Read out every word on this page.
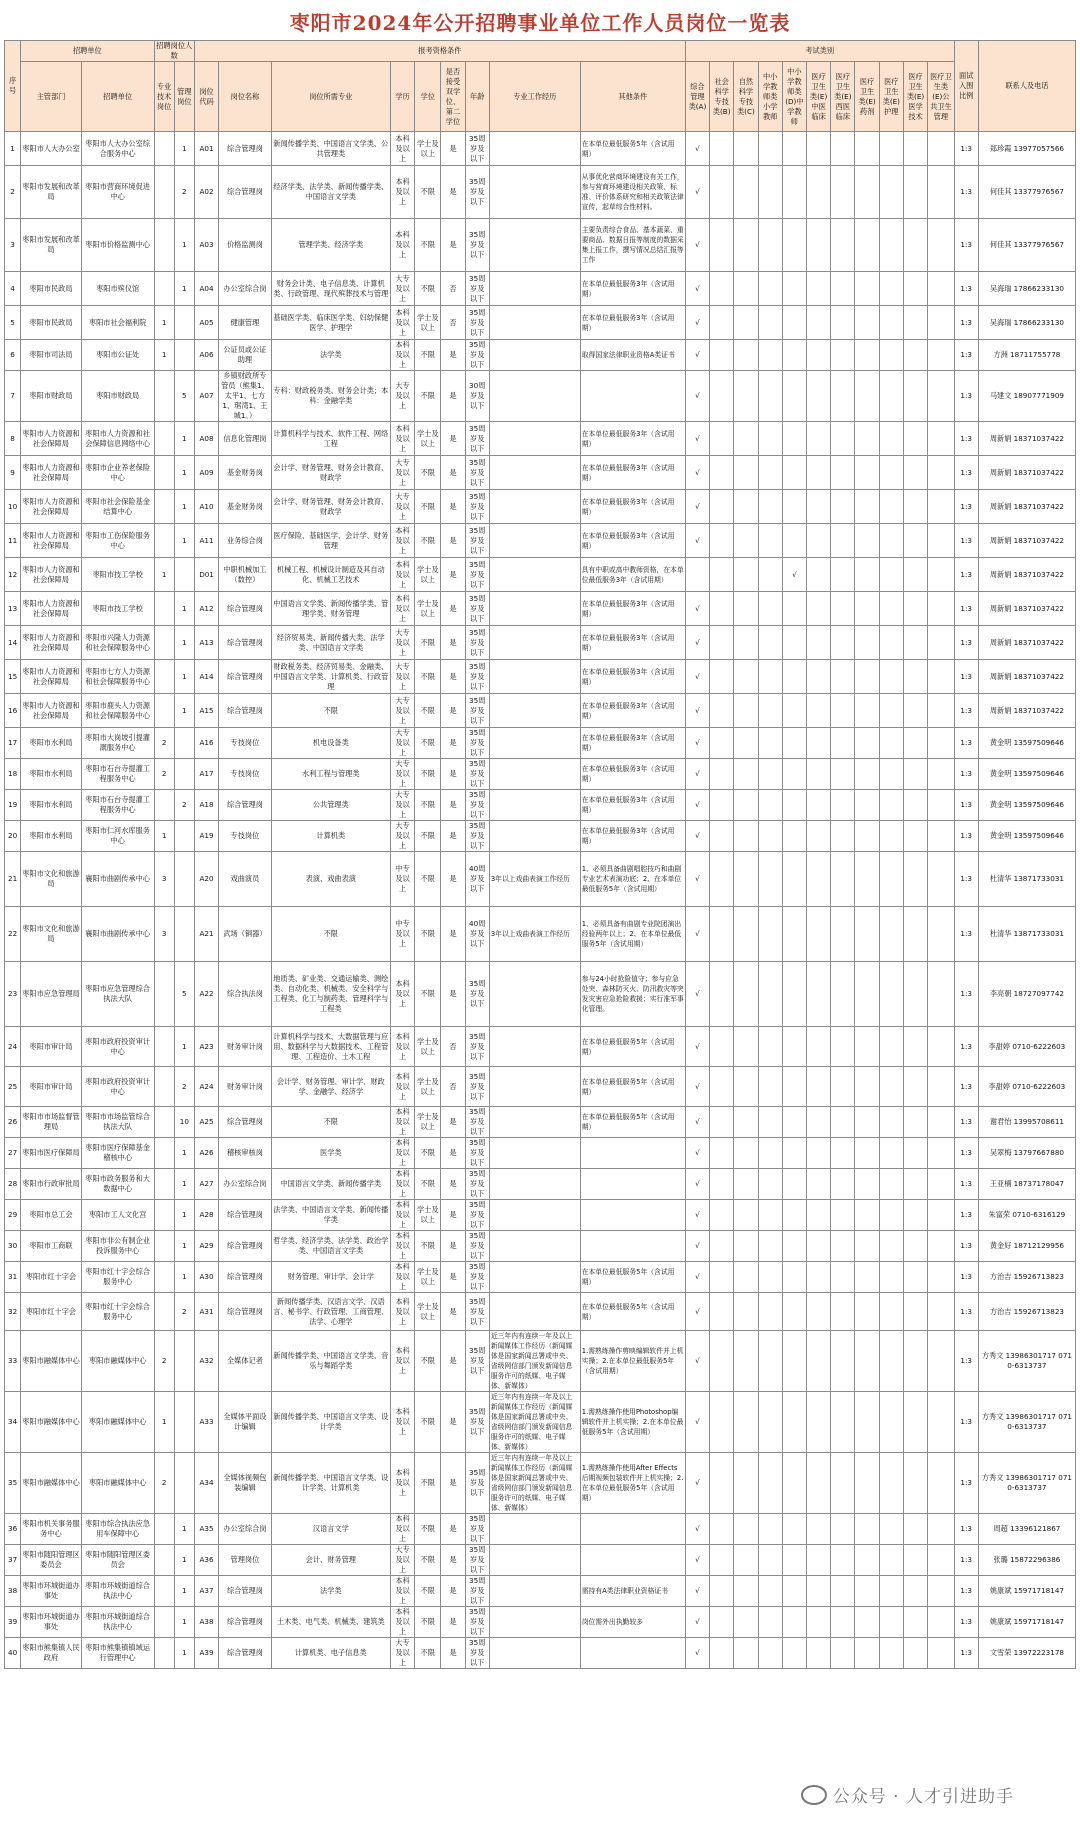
枣阳市2024年公开招聘事业单位工作人员岗位一览表
序号	招聘单位		招聘岗位人数		报考资格条件									考试类别											面试入围比例	联系人及电话
	主管部门	招聘单位	专业技术岗位	管理岗位	岗位代码	岗位名称	岗位所需专业	学历	学位	是否接受双学位、第二学位	年龄	专业工作经历	其他条件	综合管理类(A)	社会科学专技类(B)	自然科学专技类(C)	中小学教师类小学教师	中小学教师类(D)中学教师	医疗卫生类(E)中医临床	医疗卫生类(E)西医临床	医疗卫生类(E)药剂	医疗卫生类(E)护理	医疗卫生类(E)医学技术	医疗卫生类(E)公共卫生管理		
1	枣阳市人大办公室	枣阳市人大办公室综合服务中心		1	A01	综合管理岗	新闻传播学类、中国语言文学类、公共管理类	本科及以上	学士及以上	是	35周岁及以下		在本单位最低服务5年（含试用期）	√											1:3	郑珍霞 13977057566
2	枣阳市发展和改革局	枣阳市营商环境促进中心		2	A02	综合管理岗	经济学类、法学类、新闻传播学类、中国语言文学类	本科及以上	不限	是	35周岁及以下		从事优化营商环境建设有关工作，参与营商环境建设相关政策、标准、评价体系研究和相关政策法律宣传，起草综合性材料。	√											1:3	何佳其 13377976567
3	枣阳市发展和改革局	枣阳市价格监测中心		1	A03	价格监测岗	管理学类、经济学类	本科及以上	不限	是	35周岁及以下		主要负责综合食品、基本蔬菜、重要商品、数据日报等制度的数据采集上报工作，撰写情况总结汇报等工作	√											1:3	何佳其 13377976567
4	枣阳市民政局	枣阳市殡仪馆		1	A04	办公室综合岗	财务会计类、电子信息类、计算机类、行政管理、现代殡葬技术与管理	大专及以上	不限	否	35周岁及以下		在本单位最低服务3年（含试用期）	√											1:3	吴海瑞 17866233130
5	枣阳市民政局	枣阳市社会福利院	1		A05	健康管理	基础医学类、临床医学类、妇幼保健医学、护理学	本科及以上	学士及以上	否	35周岁及以下		在本单位最低服务3年（含试用期）	√											1:3	吴海瑞 17866233130
6	枣阳市司法局	枣阳市公证处	1		A06	公证员或公证助理	法学类	本科及以上	不限	是	35周岁及以下		取得国家法律职业资格A类证书	√											1:3	方洲 18711755778
7	枣阳市财政局	枣阳市财政局		5	A07	乡镇财政所专管员（熊集1、太平1、七方1、琚湾1、王城1。）	专科：财政税务类、财务会计类；本科：金融学类	大专及以上	不限	是	30周岁及以下			√											1:3	马建文 18907771909
8	枣阳市人力资源和社会保障局	枣阳市人力资源和社会保障信息网络中心		1	A08	信息化管理岗	计算机科学与技术、软件工程、网络工程	本科及以上	学士及以上	是	35周岁及以下		在本单位最低服务3年（含试用期）	√											1:3	周新娟 18371037422
9	枣阳市人力资源和社会保障局	枣阳市企业养老保险中心		1	A09	基金财务岗	会计学、财务管理、财务会计教育、财政学	大专及以上	不限	是	35周岁及以下		在本单位最低服务3年（含试用期）	√											1:3	周新娟 18371037422
10	枣阳市人力资源和社会保障局	枣阳市社会保险基金结算中心		1	A10	基金财务岗	会计学、财务管理、财务会计教育、财政学	大专及以上	不限	是	35周岁及以下		在本单位最低服务3年（含试用期）	√											1:3	周新娟 18371037422
11	枣阳市人力资源和社会保障局	枣阳市工伤保险服务中心		1	A11	业务综合岗	医疗保险、基础医学、会计学、财务管理	本科及以上	不限	是	35周岁及以下		在本单位最低服务3年（含试用期）	√											1:3	周新娟 18371037422
12	枣阳市人力资源和社会保障局	枣阳市技工学校	1		D01	中职机械加工（数控）	机械工程、机械设计制造及其自动化、机械工艺技术	本科及以上	学士及以上	是	35周岁及以下		具有中职或高中教师资格，在本单位最低服务3年（含试用期）					√							1:3	周新娟 18371037422
13	枣阳市人力资源和社会保障局	枣阳市技工学校		1	A12	综合管理岗	中国语言文学类、新闻传播学类、管理学类、财务管理	本科及以上	学士及以上	是	35周岁及以下		在本单位最低服务3年（含试用期）	√											1:3	周新娟 18371037422
14	枣阳市人力资源和社会保障局	枣阳市兴隆人力资源和社会保障服务中心		1	A13	综合管理岗	经济贸易类、新闻传播大类、法学类、中国语言文学类	大专及以上	不限	是	35周岁及以下		在本单位最低服务3年（含试用期）	√											1:3	周新娟 18371037422
15	枣阳市人力资源和社会保障局	枣阳市七方人力资源和社会保障服务中心		1	A14	综合管理岗	财政税务类、经济贸易类、金融类、中国语言文学类、计算机类、行政管理	大专及以上	不限	是	35周岁及以下		在本单位最低服务3年（含试用期）	√											1:3	周新娟 18371037422
16	枣阳市人力资源和社会保障局	枣阳市鹿头人力资源和社会保障服务中心		1	A15	综合管理岗	不限	大专及以上	不限	是	35周岁及以下		在本单位最低服务3年（含试用期）	√											1:3	周新娟 18371037422
17	枣阳市水利局	枣阳市大岗坡引提灌溉服务中心	2		A16	专技岗位	机电设备类	大专及以上	不限	是	35周岁及以下		在本单位最低服务3年（含试用期）	√											1:3	黄金明 13597509646
18	枣阳市水利局	枣阳市石台寺提灌工程服务中心	2		A17	专技岗位	水利工程与管理类	大专及以上	不限	是	35周岁及以下		在本单位最低服务3年（含试用期）	√											1:3	黄金明 13597509646
19	枣阳市水利局	枣阳市石台寺提灌工程服务中心		2	A18	综合管理岗	公共管理类	大专及以上	不限	是	35周岁及以下		在本单位最低服务3年（含试用期）	√											1:3	黄金明 13597509646
20	枣阳市水利局	枣阳市仁河水库服务中心	1		A19	专技岗位	计算机类	大专及以上	不限	是	35周岁及以下		在本单位最低服务3年（含试用期）	√											1:3	黄金明 13597509646
21	枣阳市文化和旅游局	襄阳市曲剧传承中心	3		A20	戏曲演员	表演、戏曲表演	中专及以上	不限	是	40周岁及以下	3年以上戏曲表演工作经历	1、必须具备曲剧唱腔技巧和曲剧专业艺术表演功底；2、在本单位最低服务5年（含试用期）	√											1:3	杜清华 13871733031
22	枣阳市文化和旅游局	襄阳市曲剧传承中心	3		A21	武场（铜器）	不限	中专及以上	不限	是	40周岁及以下	3年以上戏曲表演工作经历	1、必须具备有曲剧专业院团演出经验两年以上；2、在本单位最低服务5年（含试用期）	√											1:3	杜清华 13871733031
23	枣阳市应急管理局	枣阳市应急管理综合执法大队		5	A22	综合执法岗	地质类、矿业类、交通运输类、测绘类、自动化类、机械类、安全科学与工程类、化工与制药类、管理科学与工程类	本科及以上	不限	是	35周岁及以下		参与24小时抢险值守；参与应急处突、森林防灭火、防汛救灾等突发灾害应急抢险救援；实行准军事化管理。	√											1:3	李亮朝 18727097742
24	枣阳市审计局	枣阳市政府投资审计中心		1	A23	财务审计岗	计算机科学与技术、大数据管理与应用、数据科学与大数据技术、工程管理、工程造价、土木工程	本科及以上	学士及以上	否	35周岁及以下		在本单位最低服务5年（含试用期）	√											1:3	李甜婷 0710-6222603
25	枣阳市审计局	枣阳市政府投资审计中心		2	A24	财务审计岗	会计学、财务管理、审计学、财政学、金融学、经济学	本科及以上	学士及以上	否	35周岁及以下		在本单位最低服务5年（含试用期）	√											1:3	李甜婷 0710-6222603
26	枣阳市市场监督管理局	枣阳市市场监管综合执法大队		10	A25	综合管理岗	不限	本科及以上	学士及以上	是	35周岁及以下		在本单位最低服务5年（含试用期）	√											1:3	谢君怡 13995708611
27	枣阳市医疗保障局	枣阳市医疗保障基金稽核中心		1	A26	稽核审核岗	医学类	本科及以上	不限	是	35周岁及以下			√											1:3	吴翠梅 13797667880
28	枣阳市行政审批局	枣阳市政务服务和大数据中心		1	A27	办公室综合岗	中国语言文学类、新闻传播学类	本科及以上	不限	是	35周岁及以下			√											1:3	王亚楠 18737178047
29	枣阳市总工会	枣阳市工人文化宫		1	A28	综合管理岗	法学类、中国语言文学类、新闻传播学类	本科及以上	学士及以上	是	35周岁及以下			√											1:3	朱富荣 0710-6316129
30	枣阳市工商联	枣阳市非公有制企业投诉服务中心		1	A29	综合管理岗	哲学类、经济学类、法学类、政治学类、中国语言文学类	本科及以上	不限	是	35周岁及以下			√											1:3	黄金好 18712129956
31	枣阳市红十字会	枣阳市红十字会综合服务中心		1	A30	综合管理岗	财务管理、审计学、会计学	本科及以上	学士及以上	是	35周岁及以下		在本单位最低服务5年（含试用期）	√											1:3	方治吉 15926713823
32	枣阳市红十字会	枣阳市红十字会综合服务中心		2	A31	综合管理岗	新闻传播学类、汉语言文学、汉语言、秘书学、行政管理、工商管理、法学、心理学	本科及以上	学士及以上	是	35周岁及以下		在本单位最低服务5年（含试用期）	√											1:3	方治吉 15926713823
33	枣阳市融媒体中心	枣阳市融媒体中心	2		A32	全媒体记者	新闻传播学类、中国语言文学类、音乐与舞蹈学类	本科及以上	不限	是	35周岁及以下	近三年内有连续一年及以上新闻媒体工作经历（新闻媒体是国家新闻总署或中央、省级网信部门颁发新闻信息服务许可的纸媒、电子媒体、新媒体）	1.需熟练操作剪映编辑软件并上机实操；2.在本单位最低服务5年（含试用期）	√											1:3	方秀文 13986301717 0710-6313737
34	枣阳市融媒体中心	枣阳市融媒体中心	1		A33	全媒体平面设计编辑	新闻传播学类、中国语言文学类、设计学类	本科及以上	不限	是	35周岁及以下	近三年内有连续一年及以上新闻媒体工作经历（新闻媒体是国家新闻总署或中央、省级网信部门颁发新闻信息服务许可的纸媒、电子媒体、新媒体）	1.需熟练操作使用Photoshop编辑软件并上机实操；2.在本单位最低服务5年（含试用期）	√											1:3	方秀文 13986301717 0710-6313737
35	枣阳市融媒体中心	枣阳市融媒体中心	2		A34	全媒体视频包装编辑	新闻传播学类、中国语言文学类、设计学类、计算机类	本科及以上	不限	是	35周岁及以下	近三年内有连续一年及以上新闻媒体工作经历（新闻媒体是国家新闻总署或中央、省级网信部门颁发新闻信息服务许可的纸媒、电子媒体、新媒体）	1.需熟练操作使用After Effects后期视频包装软件并上机实操；2.在本单位最低服务5年（含试用期）	√											1:3	方秀文 13986301717 0710-6313737
36	枣阳市机关事务服务中心	枣阳市综合执法应急用车保障中心		1	A35	办公室综合岗	汉语言文学	本科及以上	不限	是	35周岁及以下			√											1:3	周超 13396121867
37	枣阳市随阳管理区委员会	枣阳市随阳管理区委员会		1	A36	管理岗位	会计、财务管理	大专及以上	不限	是	35周岁及以下			√											1:3	张璐 15872296386
38	枣阳市环城街道办事处	枣阳市环城街道综合执法中心		1	A37	综合管理岗	法学类	本科及以上	不限	是	35周岁及以下		需持有A类法律职业资格证书	√											1:3	姚康斌 15971718147
39	枣阳市环城街道办事处	枣阳市环城街道综合执法中心		1	A38	综合管理岗	土木类、电气类、机械类、建筑类	本科及以上	不限	是	35周岁及以下		岗位需外出执勤较多	√											1:3	姚康斌 15971718147
40	枣阳市熊集镇人民政府	枣阳市熊集镇镇域运行管理中心		1	A39	综合管理岗	计算机类、电子信息类	大专及以上	不限	是	35周岁及以下			√											1:3	文雪荣 13972223178
公众号 · 人才引进助手
